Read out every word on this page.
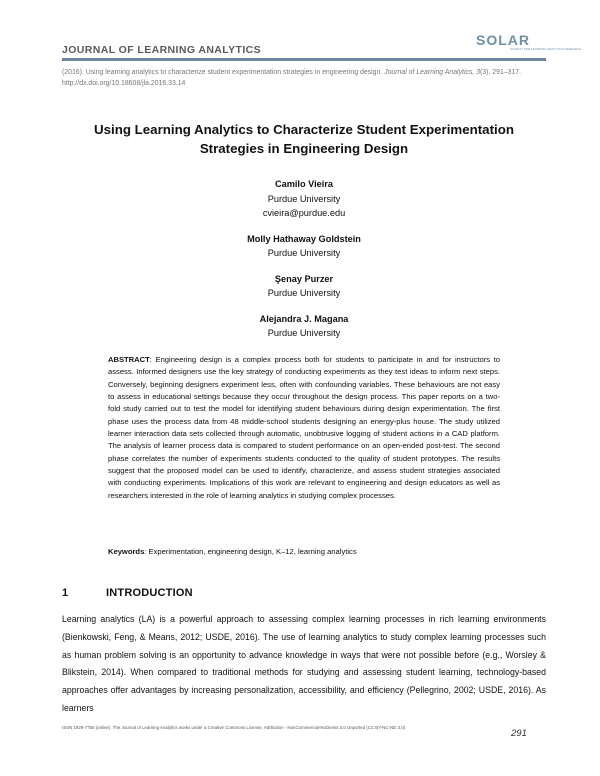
JOURNAL OF LEARNING ANALYTICS
SOLAR
SOCIETY FOR LEARNING ANALYTICS RESEARCH
(2016). Using learning analytics to characterize student experimentation strategies in engineering design. Journal of Learning Analytics, 3(3), 291–317. http://dx.doi.org/10.18608/jla.2016.33.14
Using Learning Analytics to Characterize Student Experimentation Strategies in Engineering Design
Camilo Vieira
Purdue University
cvieira@purdue.edu
Molly Hathaway Goldstein
Purdue University
Şenay Purzer
Purdue University
Alejandra J. Magana
Purdue University
ABSTRACT: Engineering design is a complex process both for students to participate in and for instructors to assess. Informed designers use the key strategy of conducting experiments as they test ideas to inform next steps. Conversely, beginning designers experiment less, often with confounding variables. These behaviours are not easy to assess in educational settings because they occur throughout the design process. This paper reports on a two-fold study carried out to test the model for identifying student behaviours during design experimentation. The first phase uses the process data from 48 middle-school students designing an energy-plus house. The study utilized learner interaction data sets collected through automatic, unobtrusive logging of student actions in a CAD platform. The analysis of learner process data is compared to student performance on an open-ended post-test. The second phase correlates the number of experiments students conducted to the quality of student prototypes. The results suggest that the proposed model can be used to identify, characterize, and assess student strategies associated with conducting experiments. Implications of this work are relevant to engineering and design educators as well as researchers interested in the role of learning analytics in studying complex processes.
Keywords: Experimentation, engineering design, K–12, learning analytics
1	INTRODUCTION
Learning analytics (LA) is a powerful approach to assessing complex learning processes in rich learning environments (Bienkowski, Feng, & Means, 2012; USDE, 2016). The use of learning analytics to study complex learning processes such as human problem solving is an opportunity to advance knowledge in ways that were not possible before (e.g., Worsley & Blikstein, 2014). When compared to traditional methods for studying and assessing student learning, technology-based approaches offer advantages by increasing personalization, accessibility, and efficiency (Pellegrino, 2002; USDE, 2016). As learners
ISSN 1929-7750 (online). The Journal of Learning Analytics works under a Creative Commons License, Attribution - NonCommercial-NoDerivs 3.0 Unported (CC BY-NC-ND 3.0)
291
